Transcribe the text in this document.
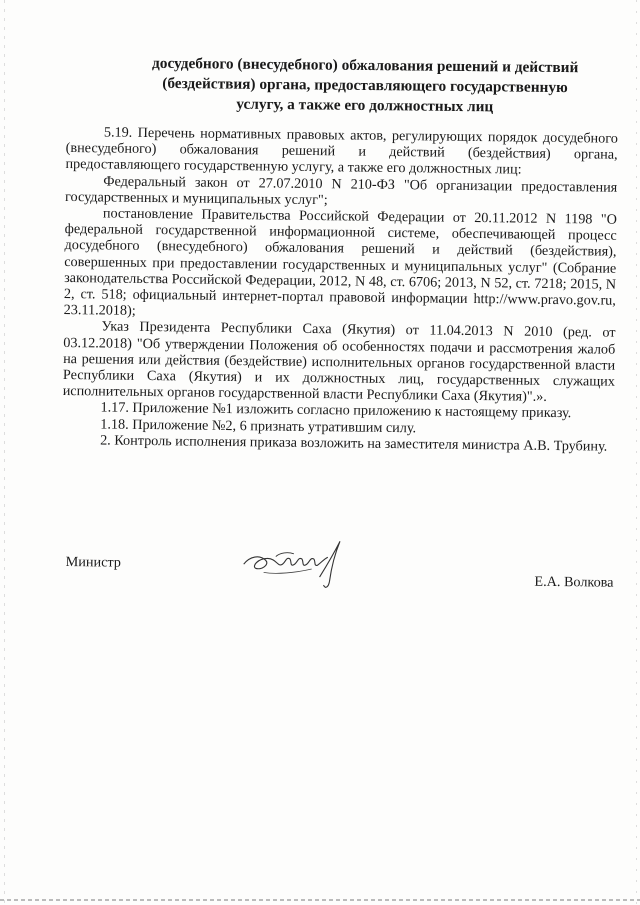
досудебного (внесудебного) обжалования решений и действий
(бездействия) органа, предоставляющего государственную
услугу, а также его должностных лиц

5.19. Перечень нормативных правовых актов, регулирующих порядок досудебного (внесудебного) обжалования решений и действий (бездействия) органа, предоставляющего государственную услугу, а также его должностных лиц:

Федеральный закон от 27.07.2010 N 210-ФЗ "Об организации предоставления государственных и муниципальных услуг";

постановление Правительства Российской Федерации от 20.11.2012 N 1198 "О федеральной государственной информационной системе, обеспечивающей процесс досудебного (внесудебного) обжалования решений и действий (бездействия), совершенных при предоставлении государственных и муниципальных услуг" (Собрание законодательства Российской Федерации, 2012, N 48, ст. 6706; 2013, N 52, ст. 7218; 2015, N 2, ст. 518; официальный интернет-портал правовой информации http://www.pravo.gov.ru, 23.11.2018);

Указ Президента Республики Саха (Якутия) от 11.04.2013 N 2010 (ред. от 03.12.2018) "Об утверждении Положения об особенностях подачи и рассмотрения жалоб на решения или действия (бездействие) исполнительных органов государственной власти Республики Саха (Якутия) и их должностных лиц, государственных служащих исполнительных органов государственной власти Республики Саха (Якутия)".».

1.17. Приложение №1 изложить согласно приложению к настоящему приказу.

1.18. Приложение №2, 6 признать утратившим силу.

2. Контроль исполнения приказа возложить на заместителя министра А.В. Трубину.

Министр
Е.А. Волкова
